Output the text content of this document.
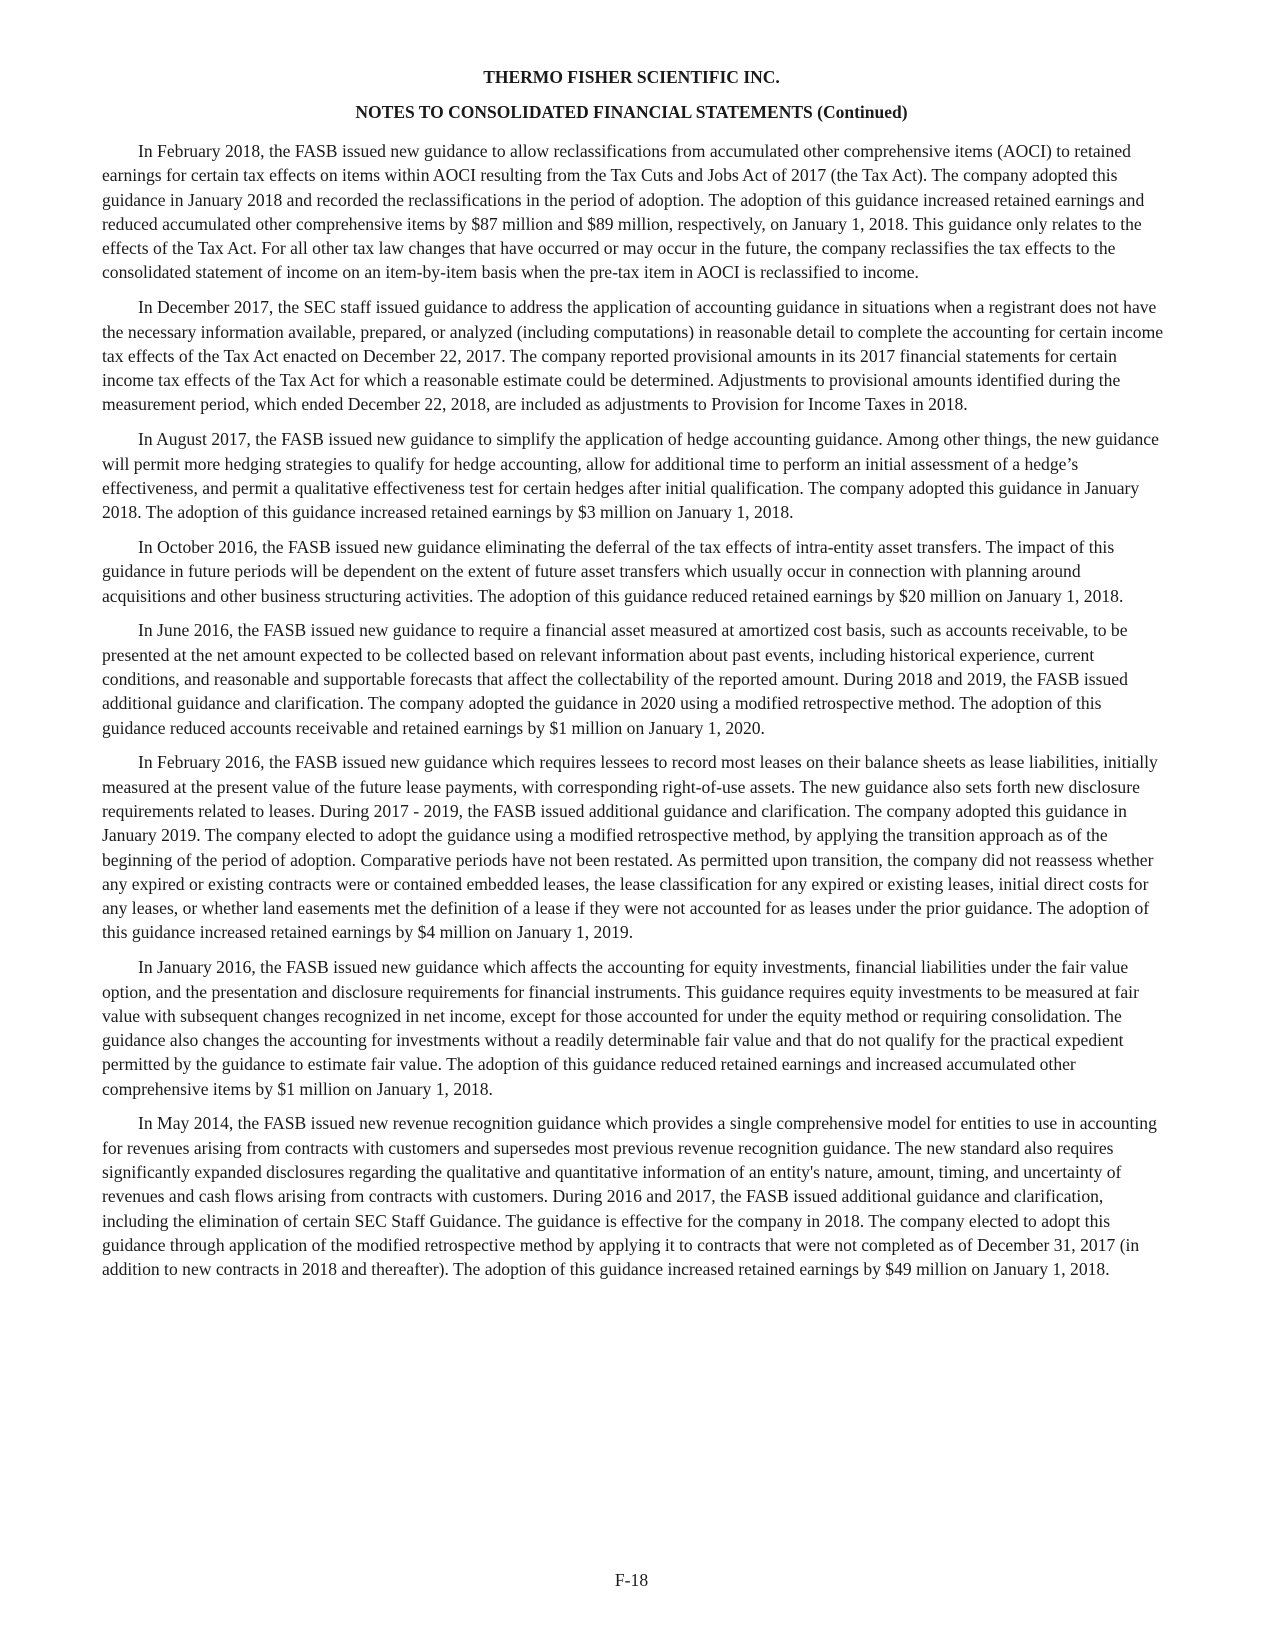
THERMO FISHER SCIENTIFIC INC.
NOTES TO CONSOLIDATED FINANCIAL STATEMENTS (Continued)

In February 2018, the FASB issued new guidance to allow reclassifications from accumulated other comprehensive items (AOCI) to retained earnings for certain tax effects on items within AOCI resulting from the Tax Cuts and Jobs Act of 2017 (the Tax Act). The company adopted this guidance in January 2018 and recorded the reclassifications in the period of adoption. The adoption of this guidance increased retained earnings and reduced accumulated other comprehensive items by $87 million and $89 million, respectively, on January 1, 2018. This guidance only relates to the effects of the Tax Act. For all other tax law changes that have occurred or may occur in the future, the company reclassifies the tax effects to the consolidated statement of income on an item-by-item basis when the pre-tax item in AOCI is reclassified to income.

In December 2017, the SEC staff issued guidance to address the application of accounting guidance in situations when a registrant does not have the necessary information available, prepared, or analyzed (including computations) in reasonable detail to complete the accounting for certain income tax effects of the Tax Act enacted on December 22, 2017. The company reported provisional amounts in its 2017 financial statements for certain income tax effects of the Tax Act for which a reasonable estimate could be determined. Adjustments to provisional amounts identified during the measurement period, which ended December 22, 2018, are included as adjustments to Provision for Income Taxes in 2018.

In August 2017, the FASB issued new guidance to simplify the application of hedge accounting guidance. Among other things, the new guidance will permit more hedging strategies to qualify for hedge accounting, allow for additional time to perform an initial assessment of a hedge’s effectiveness, and permit a qualitative effectiveness test for certain hedges after initial qualification. The company adopted this guidance in January 2018. The adoption of this guidance increased retained earnings by $3 million on January 1, 2018.

In October 2016, the FASB issued new guidance eliminating the deferral of the tax effects of intra-entity asset transfers. The impact of this guidance in future periods will be dependent on the extent of future asset transfers which usually occur in connection with planning around acquisitions and other business structuring activities. The adoption of this guidance reduced retained earnings by $20 million on January 1, 2018.

In June 2016, the FASB issued new guidance to require a financial asset measured at amortized cost basis, such as accounts receivable, to be presented at the net amount expected to be collected based on relevant information about past events, including historical experience, current conditions, and reasonable and supportable forecasts that affect the collectability of the reported amount. During 2018 and 2019, the FASB issued additional guidance and clarification. The company adopted the guidance in 2020 using a modified retrospective method. The adoption of this guidance reduced accounts receivable and retained earnings by $1 million on January 1, 2020.

In February 2016, the FASB issued new guidance which requires lessees to record most leases on their balance sheets as lease liabilities, initially measured at the present value of the future lease payments, with corresponding right-of-use assets. The new guidance also sets forth new disclosure requirements related to leases. During 2017 - 2019, the FASB issued additional guidance and clarification. The company adopted this guidance in January 2019. The company elected to adopt the guidance using a modified retrospective method, by applying the transition approach as of the beginning of the period of adoption. Comparative periods have not been restated. As permitted upon transition, the company did not reassess whether any expired or existing contracts were or contained embedded leases, the lease classification for any expired or existing leases, initial direct costs for any leases, or whether land easements met the definition of a lease if they were not accounted for as leases under the prior guidance. The adoption of this guidance increased retained earnings by $4 million on January 1, 2019.

In January 2016, the FASB issued new guidance which affects the accounting for equity investments, financial liabilities under the fair value option, and the presentation and disclosure requirements for financial instruments. This guidance requires equity investments to be measured at fair value with subsequent changes recognized in net income, except for those accounted for under the equity method or requiring consolidation. The guidance also changes the accounting for investments without a readily determinable fair value and that do not qualify for the practical expedient permitted by the guidance to estimate fair value. The adoption of this guidance reduced retained earnings and increased accumulated other comprehensive items by $1 million on January 1, 2018.

In May 2014, the FASB issued new revenue recognition guidance which provides a single comprehensive model for entities to use in accounting for revenues arising from contracts with customers and supersedes most previous revenue recognition guidance. The new standard also requires significantly expanded disclosures regarding the qualitative and quantitative information of an entity's nature, amount, timing, and uncertainty of revenues and cash flows arising from contracts with customers. During 2016 and 2017, the FASB issued additional guidance and clarification, including the elimination of certain SEC Staff Guidance. The guidance is effective for the company in 2018. The company elected to adopt this guidance through application of the modified retrospective method by applying it to contracts that were not completed as of December 31, 2017 (in addition to new contracts in 2018 and thereafter). The adoption of this guidance increased retained earnings by $49 million on January 1, 2018.

F-18
